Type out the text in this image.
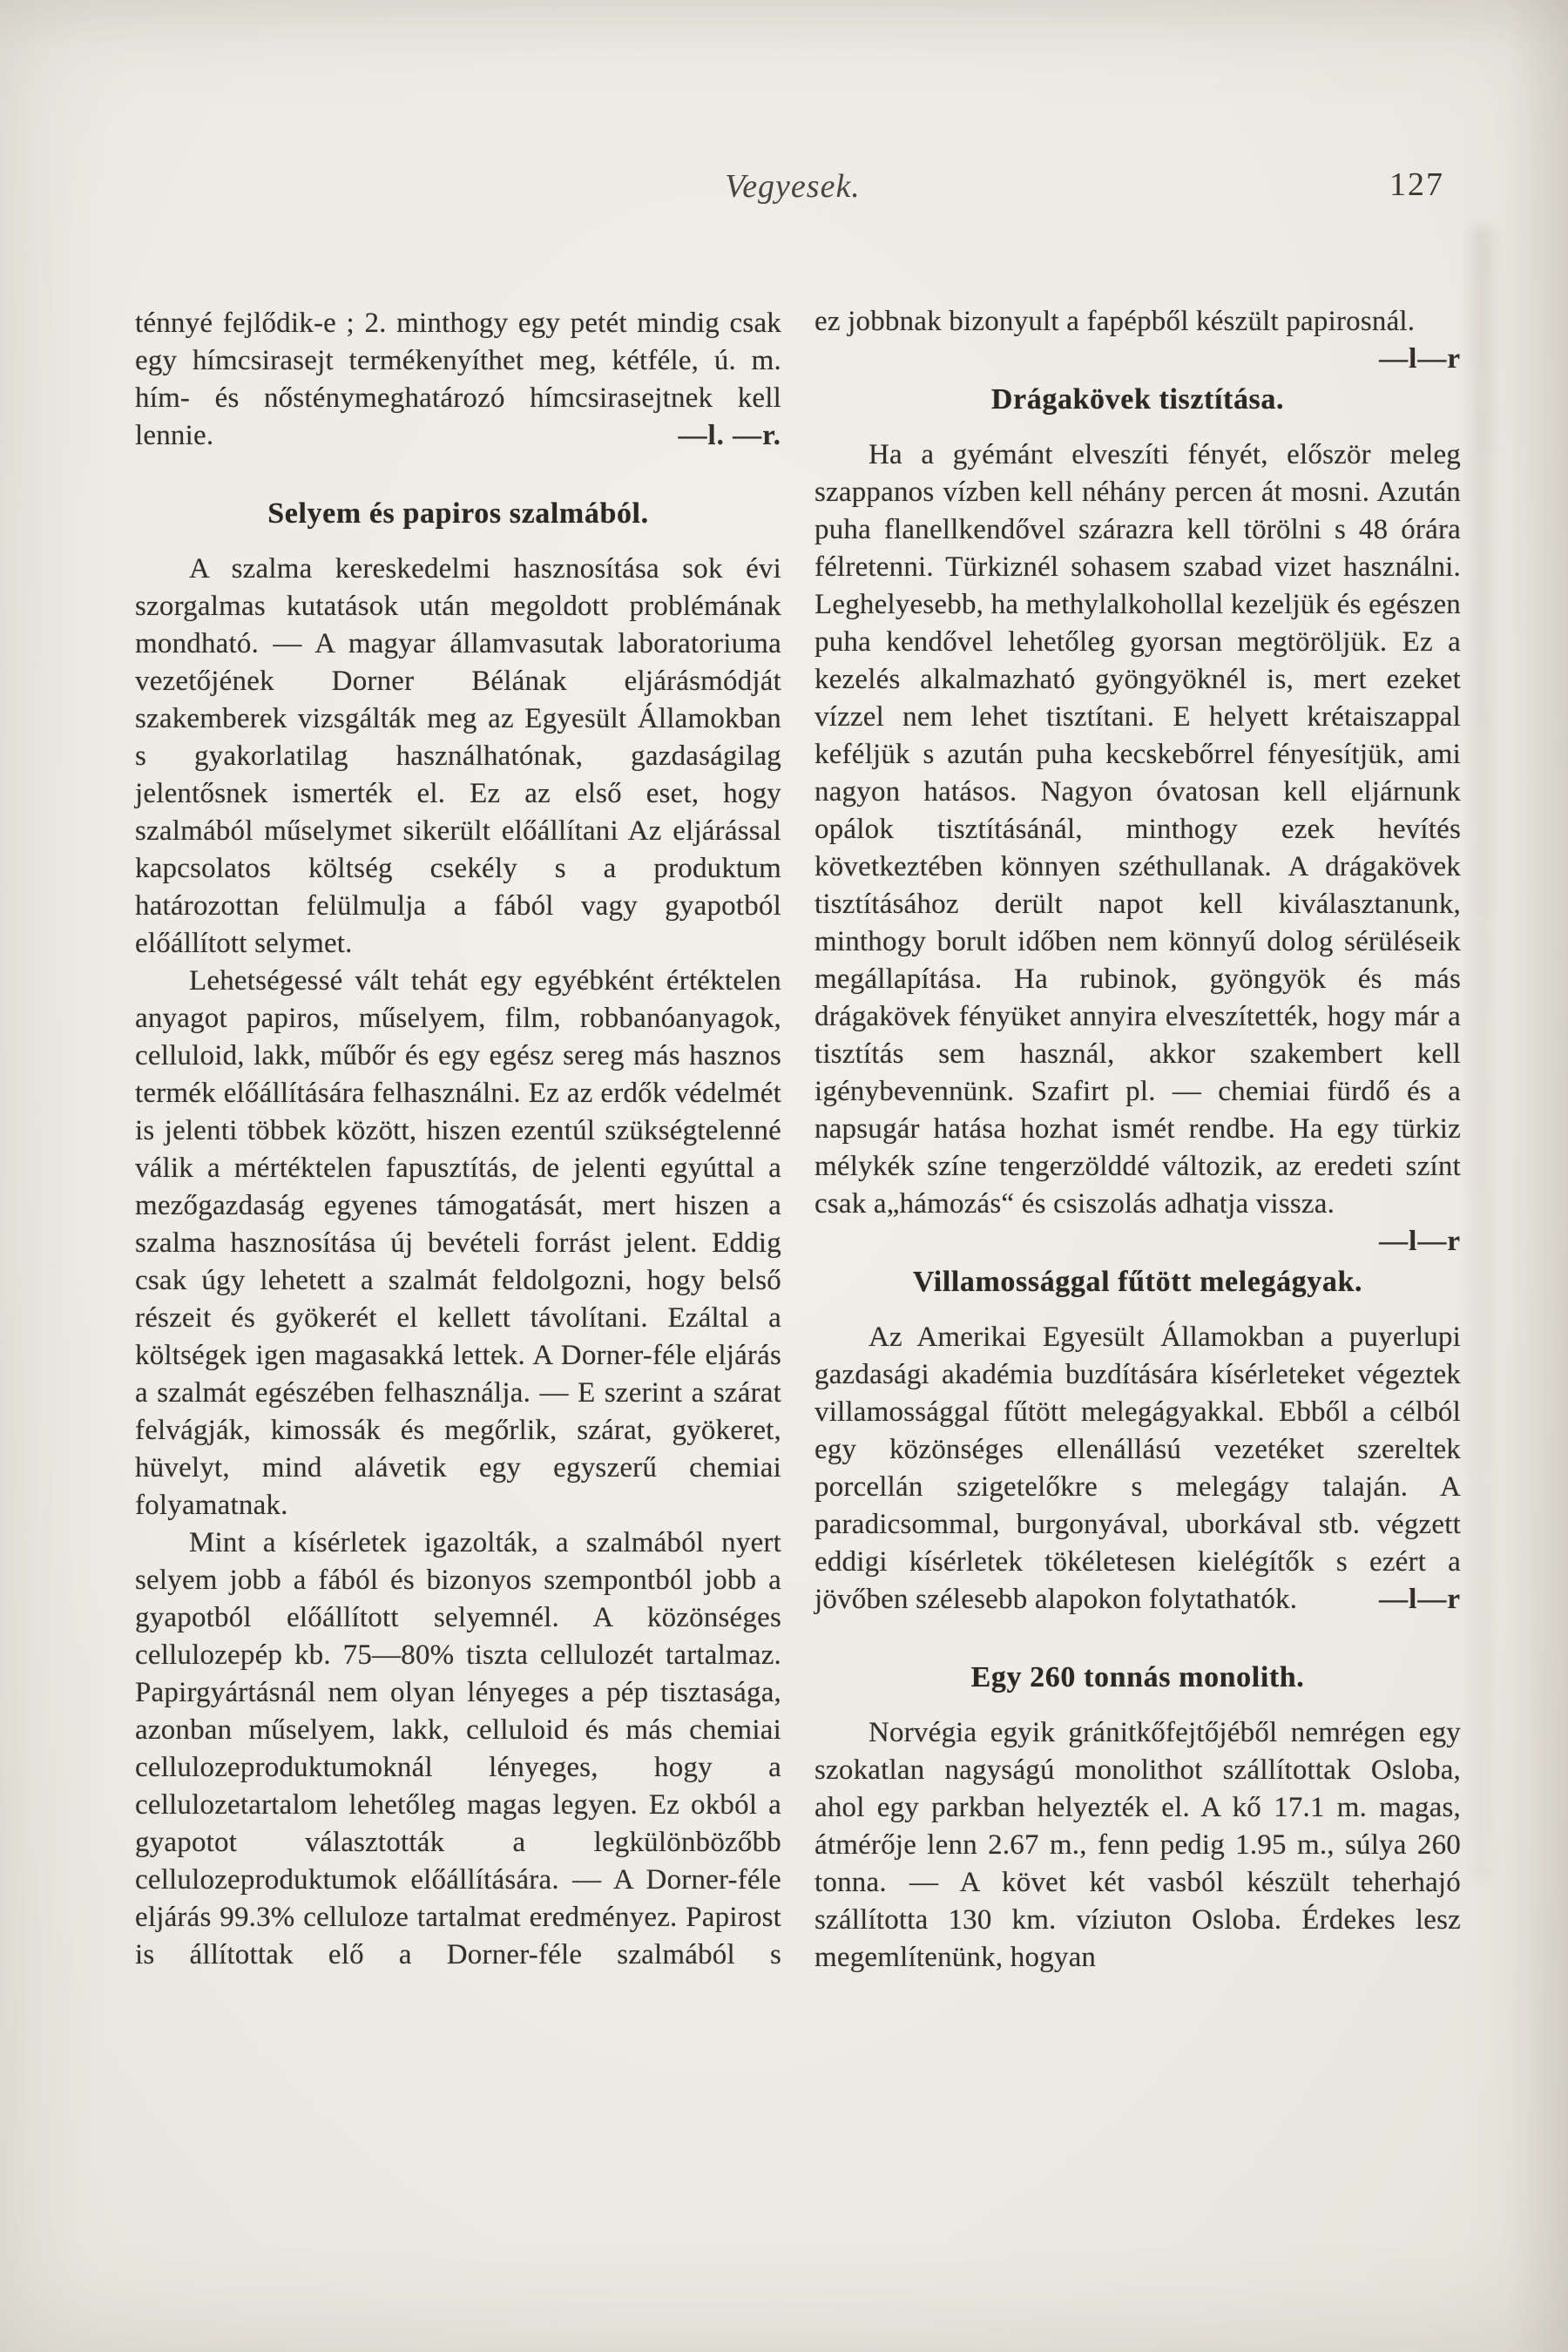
Vegyesek.	127

ténnyé fejlődik-e ; 2. minthogy egy petét mindig csak egy hímcsirasejt termékenyíthet meg, kétféle, ú. m. hím- és nősténymeghatározó hímcsirasejtnek kell lennie.	—l. —r.

Selyem és papiros szalmából.

A szalma kereskedelmi hasznosítása sok évi szorgalmas kutatások után megoldott problémának mondható. — A magyar államvasutak laboratoriuma vezetőjének Dorner Bélának eljárásmódját szakemberek vizsgálták meg az Egyesült Államokban s gyakorlatilag használhatónak, gazdaságilag jelentősnek ismerték el. Ez az első eset, hogy szalmából műselymet sikerült előállítani Az eljárással kapcsolatos költség csekély s a produktum határozottan felülmulja a fából vagy gyapotból előállított selymet.

Lehetségessé vált tehát egy egyébként értéktelen anyagot papiros, műselyem, film, robbanóanyagok, celluloid, lakk, műbőr és egy egész sereg más hasznos termék előállítására felhasználni. Ez az erdők védelmét is jelenti többek között, hiszen ezentúl szükségtelenné válik a mértéktelen fapusztítás, de jelenti egyúttal a mezőgazdaság egyenes támogatását, mert hiszen a szalma hasznosítása új bevételi forrást jelent. Eddig csak úgy lehetett a szalmát feldolgozni, hogy belső részeit és gyökerét el kellett távolítani. Ezáltal a költségek igen magasakká lettek. A Dorner-féle eljárás a szalmát egészében felhasználja. — E szerint a szárat felvágják, kimossák és megőrlik, szárat, gyökeret, hüvelyt, mind alávetik egy egyszerű chemiai folyamatnak.

Mint a kísérletek igazolták, a szalmából nyert selyem jobb a fából és bizonyos szempontból jobb a gyapotból előállított selyemnél. A közönséges cellulozepép kb. 75—80% tiszta cellulozét tartalmaz. Papirgyártásnál nem olyan lényeges a pép tisztasága, azonban műselyem, lakk, celluloid és más chemiai cellulozeproduktumoknál lényeges, hogy a cellulozetartalom lehetőleg magas legyen. Ez okból a gyapotot választották a legkülönbözőbb cellulozeproduktumok előállítására. — A Dorner-féle eljárás 99.3% celluloze tartalmat eredményez. Papirost is állítottak elő a Dorner-féle szalmából s

ez jobbnak bizonyult a fapépből készült papirosnál.
—l—r

Drágakövek tisztítása.

Ha a gyémánt elveszíti fényét, először meleg szappanos vízben kell néhány percen át mosni. Azután puha flanellkendővel szárazra kell törölni s 48 órára félretenni. Türkiznél sohasem szabad vizet használni. Leghelyesebb, ha methylalkohollal kezeljük és egészen puha kendővel lehetőleg gyorsan megtöröljük. Ez a kezelés alkalmazható gyöngyöknél is, mert ezeket vízzel nem lehet tisztítani. E helyett krétaiszappal keféljük s azután puha kecskebőrrel fényesítjük, ami nagyon hatásos. Nagyon óvatosan kell eljárnunk opálok tisztításánál, minthogy ezek hevítés következtében könnyen széthullanak. A drágakövek tisztításához derült napot kell kiválasztanunk, minthogy borult időben nem könnyű dolog sérüléseik megállapítása. Ha rubinok, gyöngyök és más drágakövek fényüket annyira elveszítették, hogy már a tisztítás sem használ, akkor szakembert kell igénybevennünk. Szafirt pl. — chemiai fürdő és a napsugár hatása hozhat ismét rendbe. Ha egy türkiz mélykék színe tengerzölddé változik, az eredeti színt csak a„hámozás“ és csiszolás adhatja vissza.
—l—r

Villamossággal fűtött melegágyak.

Az Amerikai Egyesült Államokban a puyerlupi gazdasági akadémia buzdítására kísérleteket végeztek villamossággal fűtött melegágyakkal. Ebből a célból egy közönséges ellenállású vezetéket szereltek porcellán szigetelőkre s melegágy talaján. A paradicsommal, burgonyával, uborkával stb. végzett eddigi kísérletek tökéletesen kielégítők s ezért a jövőben szélesebb alapokon folytathatók.	—l—r

Egy 260 tonnás monolith.

Norvégia egyik gránitkőfejtőjéből nemrégen egy szokatlan nagyságú monolithot szállítottak Osloba, ahol egy parkban helyezték el. A kő 17.1 m. magas, átmérője lenn 2.67 m., fenn pedig 1.95 m., súlya 260 tonna. — A követ két vasból készült teherhajó szállította 130 km. víziuton Osloba. Érdekes lesz megemlítenünk, hogyan
